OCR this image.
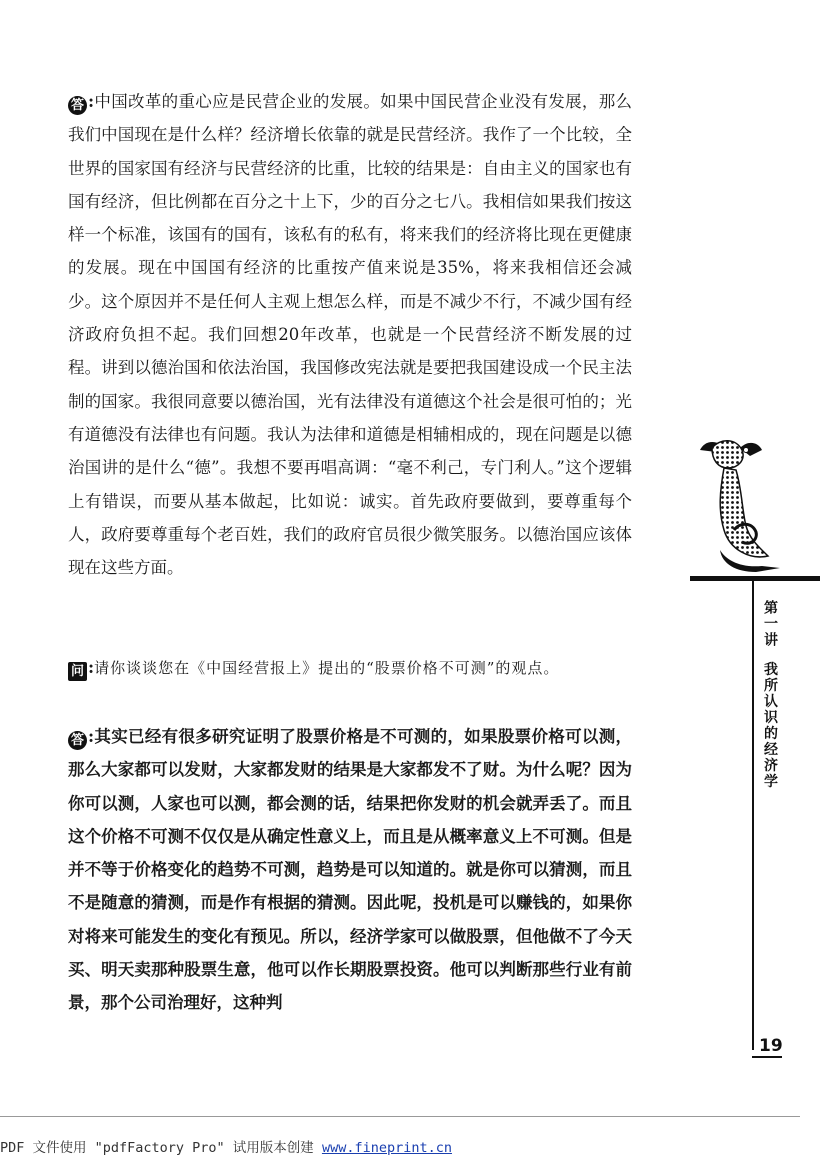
答 :中国改革的重心应是民营企业的发展。如果中国民营企业没有发展，那么我们中国现在是什么样？经济增长依靠的就是民营经济。我作了一个比较，全世界的国家国有经济与民营经济的比重，比较的结果是：自由主义的国家也有国有经济，但比例都在百分之十上下，少的百分之七八。我相信如果我们按这样一个标准，该国有的国有，该私有的私有，将来我们的经济将比现在更健康的发展。现在中国国有经济的比重按产值来说是35%，将来我相信还会减少。这个原因并不是任何人主观上想怎么样，而是不减少不行，不减少国有经济政府负担不起。我们回想20年改革，也就是一个民营经济不断发展的过程。讲到以德治国和依法治国，我国修改宪法就是要把我国建设成一个民主法制的国家。我很同意要以德治国，光有法律没有道德这个社会是很可怕的；光有道德没有法律也有问题。我认为法律和道德是相辅相成的，现在问题是以德治国讲的是什么“德”。我想不要再唱高调：“毫不利己，专门利人。”这个逻辑上有错误，而要从基本做起，比如说：诚实。首先政府要做到，要尊重每个人，政府要尊重每个老百姓，我们的政府官员很少微笑服务。以德治国应该体现在这些方面。

问 :请你谈谈您在《中国经营报上》提出的“股票价格不可测”的观点。

答 :其实已经有很多研究证明了股票价格是不可测的，如果股票价格可以测，那么大家都可以发财，大家都发财的结果是大家都发不了财。为什么呢？因为你可以测，人家也可以测，都会测的话，结果把你发财的机会就弄丢了。而且这个价格不可测不仅仅是从确定性意义上，而且是从概率意义上不可测。但是并不等于价格变化的趋势不可测，趋势是可以知道的。就是你可以猜测，而且不是随意的猜测，而是作有根据的猜测。因此呢，投机是可以赚钱的，如果你对将来可能发生的变化有预见。所以，经济学家可以做股票，但他做不了今天买、明天卖那种股票生意，他可以作长期股票投资。他可以判断那些行业有前景，那个公司治理好，这种判

第一讲  我所认识的经济学
19
PDF 文件使用 "pdfFactory Pro" 试用版本创建 www.fineprint.cn
